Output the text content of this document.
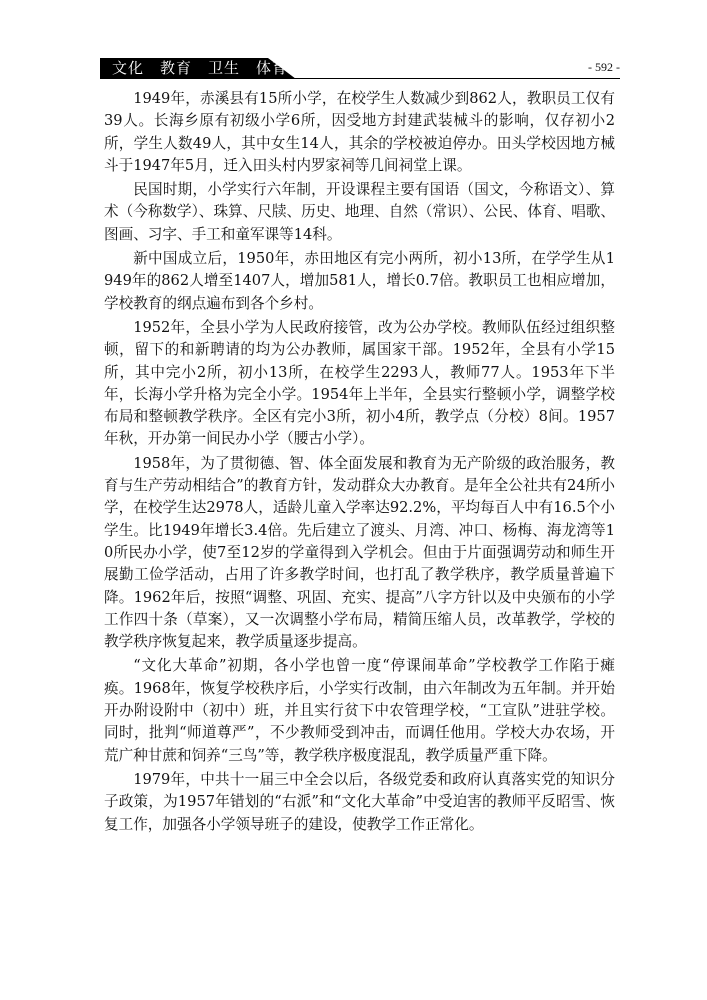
文化　教育　卫生　体育	- 592 -

1949年，赤溪县有15所小学，在校学生人数减少到862人，教职员工仅有39人。长海乡原有初级小学6所，因受地方封建武装械斗的影响，仅存初小2所，学生人数49人，其中女生14人，其余的学校被迫停办。田头学校因地方械斗于1947年5月，迁入田头村内罗家祠等几间祠堂上课。

民国时期，小学实行六年制，开设课程主要有国语（国文，今称语文）、算术（今称数学）、珠算、尺牍、历史、地理、自然（常识）、公民、体育、唱歌、图画、习字、手工和童军课等14科。

新中国成立后，1950年，赤田地区有完小两所，初小13所，在学学生从1949年的862人增至1407人，增加581人，增长0.7倍。教职员工也相应增加，学校教育的纲点遍布到各个乡村。

1952年，全县小学为人民政府接管，改为公办学校。教师队伍经过组织整顿，留下的和新聘请的均为公办教师，属国家干部。1952年，全县有小学15所，其中完小2所，初小13所，在校学生2293人，教师77人。1953年下半年，长海小学升格为完全小学。1954年上半年，全县实行整顿小学，调整学校布局和整顿教学秩序。全区有完小3所，初小4所，教学点（分校）8间。1957年秋，开办第一间民办小学（腰古小学）。

1958年，为了贯彻德、智、体全面发展和教育为无产阶级的政治服务，教育与生产劳动相结合”的教育方针，发动群众大办教育。是年全公社共有24所小学，在校学生达2978人，适龄儿童入学率达92.2%，平均每百人中有16.5个小学生。比1949年增长3.4倍。先后建立了渡头、月湾、冲口、杨梅、海龙湾等10所民办小学，使7至12岁的学童得到入学机会。但由于片面强调劳动和师生开展勤工俭学活动，占用了许多教学时间，也打乱了教学秩序，教学质量普遍下降。1962年后，按照“调整、巩固、充实、提高”八字方针以及中央颁布的小学工作四十条（草案），又一次调整小学布局，精简压缩人员，改革教学，学校的教学秩序恢复起来，教学质量逐步提高。

“文化大革命”初期，各小学也曾一度“停课闹革命”学校教学工作陷于瘫痪。1968年，恢复学校秩序后，小学实行改制，由六年制改为五年制。并开始开办附设附中（初中）班，并且实行贫下中农管理学校，“工宣队”进驻学校。同时，批判“师道尊严”，不少教师受到冲击，而调任他用。学校大办农场，开荒广种甘蔗和饲养“三鸟”等，教学秩序极度混乱，教学质量严重下降。

1979年，中共十一届三中全会以后，各级党委和政府认真落实党的知识分子政策，为1957年错划的“右派”和“文化大革命”中受迫害的教师平反昭雪、恢复工作，加强各小学领导班子的建设，使教学工作正常化。
